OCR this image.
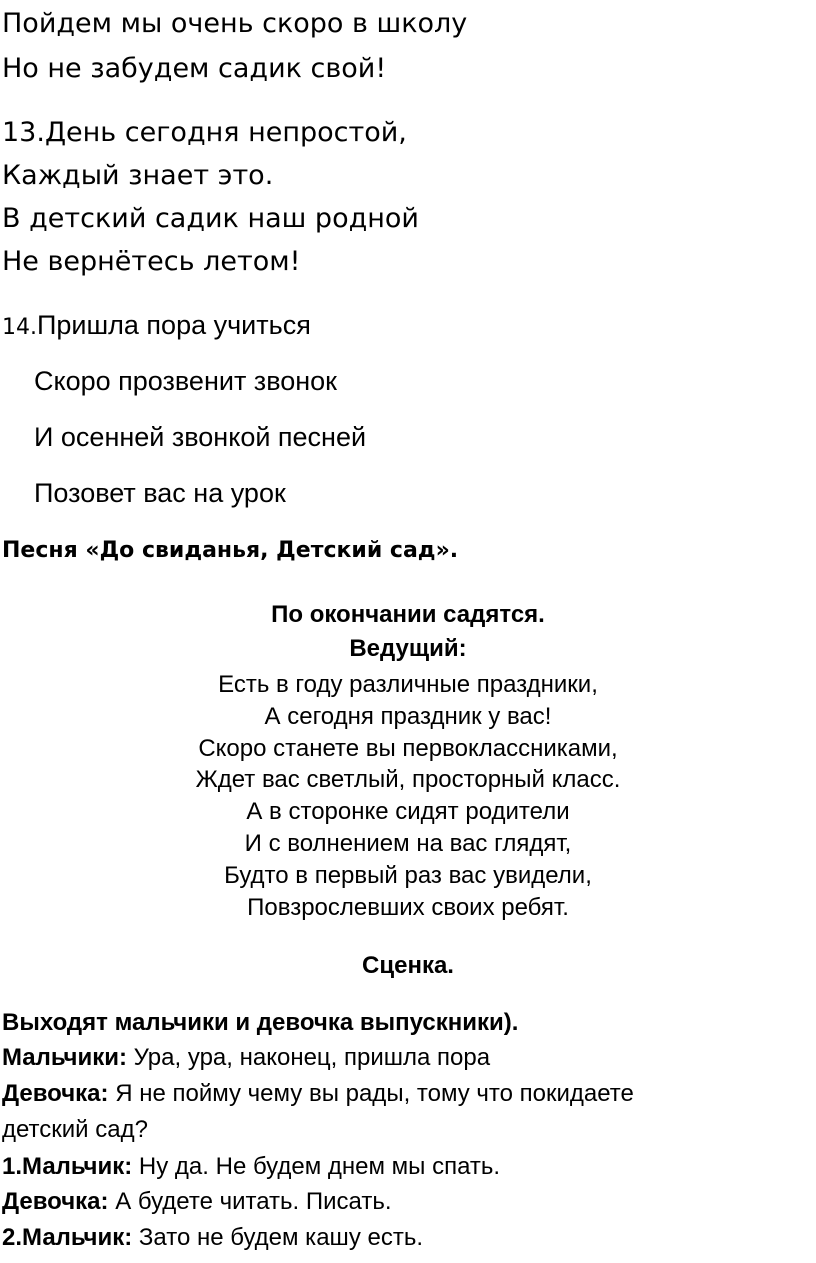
Пойдем мы очень скоро в школу
Но не забудем садик свой!
13.День сегодня непростой,
Каждый знает это.
В детский садик наш родной
Не вернётесь летом!
14.Пришла пора учиться
Скоро прозвенит звонок
И осенней звонкой песней
Позовет вас на урок
Песня «До свиданья, Детский сад».
По окончании садятся.
Ведущий:
Есть в году различные праздники,
А сегодня праздник у вас!
Скоро станете вы первоклассниками,
Ждет вас светлый, просторный класс.
А в сторонке сидят родители
И с волнением на вас глядят,
Будто в первый раз вас увидели,
Повзрослевших своих ребят.
Сценка.
Выходят мальчики и девочка выпускники).
Мальчики: Ура, ура, наконец, пришла пора
Девочка: Я не пойму чему вы рады, тому что покидаете
детский сад?
1.Мальчик: Ну да. Не будем днем мы спать.
Девочка: А будете читать. Писать.
2.Мальчик: Зато не будем кашу есть.
